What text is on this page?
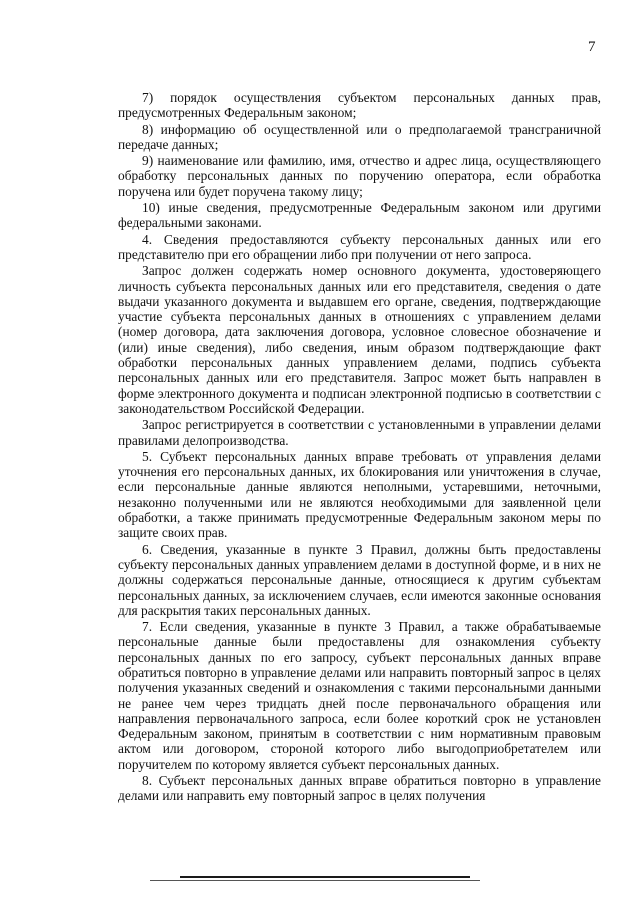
7

7) порядок осуществления субъектом персональных данных прав, предусмотренных Федеральным законом;

8) информацию об осуществленной или о предполагаемой трансграничной передаче данных;

9) наименование или фамилию, имя, отчество и адрес лица, осуществляющего обработку персональных данных по поручению оператора, если обработка поручена или будет поручена такому лицу;

10) иные сведения, предусмотренные Федеральным законом или другими федеральными законами.

4. Сведения предоставляются субъекту персональных данных или его представителю при его обращении либо при получении от него запроса.

Запрос должен содержать номер основного документа, удостоверяющего личность субъекта персональных данных или его представителя, сведения о дате выдачи указанного документа и выдавшем его органе, сведения, подтверждающие участие субъекта персональных данных в отношениях с управлением делами (номер договора, дата заключения договора, условное словесное обозначение и (или) иные сведения), либо сведения, иным образом подтверждающие факт обработки персональных данных управлением делами, подпись субъекта персональных данных или его представителя. Запрос может быть направлен в форме электронного документа и подписан электронной подписью в соответствии с законодательством Российской Федерации.

Запрос регистрируется в соответствии с установленными в управлении делами правилами делопроизводства.

5. Субъект персональных данных вправе требовать от управления делами уточнения его персональных данных, их блокирования или уничтожения в случае, если персональные данные являются неполными, устаревшими, неточными, незаконно полученными или не являются необходимыми для заявленной цели обработки, а также принимать предусмотренные Федеральным законом меры по защите своих прав.

6. Сведения, указанные в пункте 3 Правил, должны быть предоставлены субъекту персональных данных управлением делами в доступной форме, и в них не должны содержаться персональные данные, относящиеся к другим субъектам персональных данных, за исключением случаев, если имеются законные основания для раскрытия таких персональных данных.

7. Если сведения, указанные в пункте 3 Правил, а также обрабатываемые персональные данные были предоставлены для ознакомления субъекту персональных данных по его запросу, субъект персональных данных вправе обратиться повторно в управление делами или направить повторный запрос в целях получения указанных сведений и ознакомления с такими персональными данными не ранее чем через тридцать дней после первоначального обращения или направления первоначального запроса, если более короткий срок не установлен Федеральным законом, принятым в соответствии с ним нормативным правовым актом или договором, стороной которого либо выгодоприобретателем или поручителем по которому является субъект персональных данных.

8. Субъект персональных данных вправе обратиться повторно в управление делами или направить ему повторный запрос в целях получения
